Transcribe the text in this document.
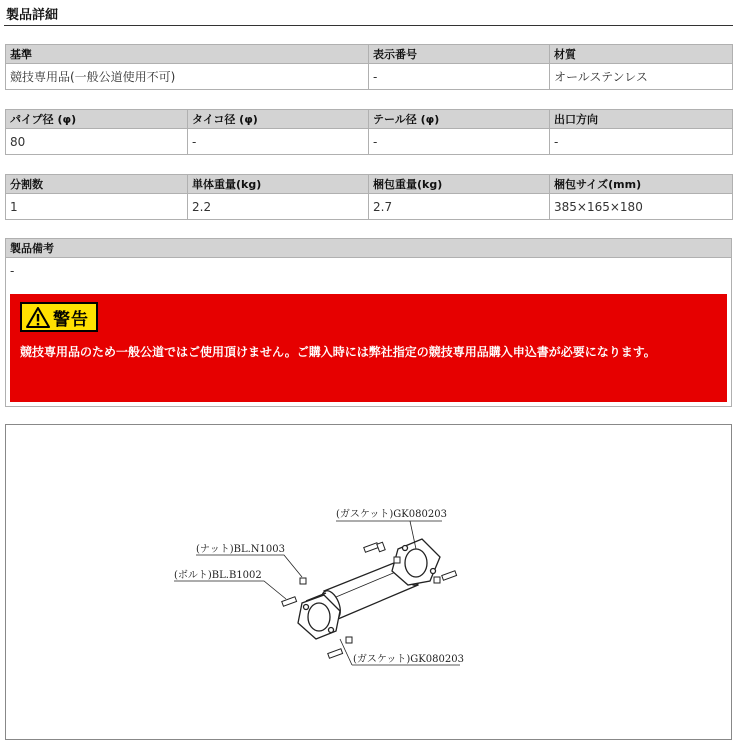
製品詳細
基準	表示番号	材質
競技専用品(一般公道使用不可)	-	オールステンレス
パイプ径 (φ)	タイコ径 (φ)	テール径 (φ)	出口方向
80	-	-	-
分割数	単体重量(kg)	梱包重量(kg)	梱包サイズ(mm)
1	2.2	2.7	385×165×180
製品備考
-
警告
競技専用品のため一般公道ではご使用頂けません。ご購入時には弊社指定の競技専用品購入申込書が必要になります。
(ガスケット)GK080203
(ナット)BL.N1003
(ボルト)BL.B1002
(ガスケット)GK080203
